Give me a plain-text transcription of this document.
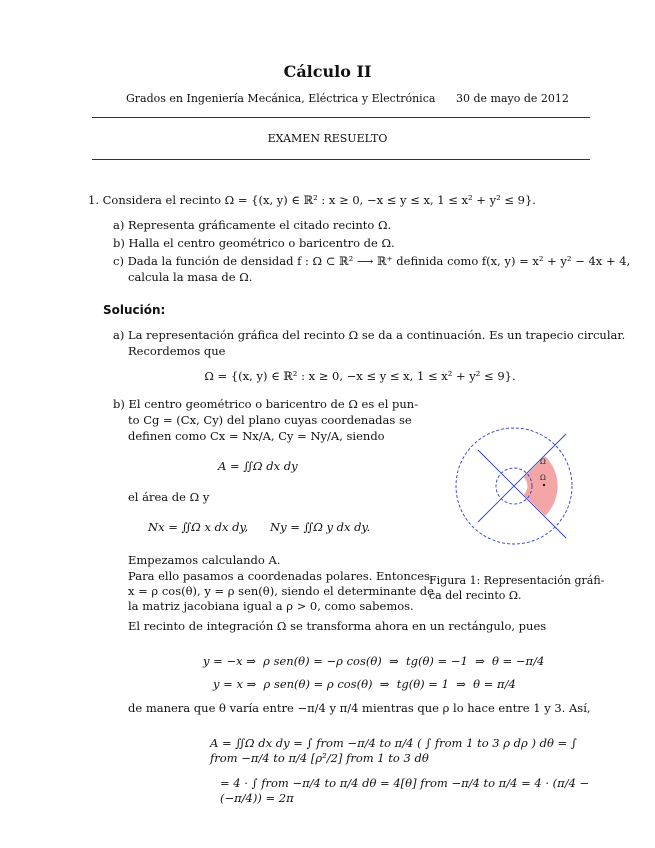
Cálculo II
Grados en Ingeniería Mecánica, Eléctrica y Electrónica 30 de mayo de 2012
EXAMEN RESUELTO
1. Considera el recinto Ω = {(x, y) ∈ ℝ² : x ≥ 0, −x ≤ y ≤ x, 1 ≤ x² + y² ≤ 9}.
a) Representa gráficamente el citado recinto Ω.
b) Halla el centro geométrico o baricentro de Ω.
c) Dada la función de densidad f : Ω ⊂ ℝ² ⟶ ℝ⁺ definida como f(x, y) = x² + y² − 4x + 4,
calcula la masa de Ω.
Solución:
a) La representación gráfica del recinto Ω se da a continuación. Es un trapecio circular.
Recordemos que
Ω = {(x, y) ∈ ℝ² : x ≥ 0, −x ≤ y ≤ x, 1 ≤ x² + y² ≤ 9}.
b) El centro geométrico o baricentro de Ω es el pun-
to Cg = (Cx, Cy) del plano cuyas coordenadas se
definen como Cx = Nx/A, Cy = Ny/A, siendo
A = ∬Ω dx dy
el área de Ω y
Nx = ∬Ω x dx dy,      Ny = ∬Ω y dx dy.
Empezamos calculando A.
Para ello pasamos a coordenadas polares. Entonces,
x = ρ cos(θ), y = ρ sen(θ), siendo el determinante de
la matriz jacobiana igual a ρ > 0, como sabemos.
Ω
Ω
Figura 1: Representación gráfi-
ca del recinto Ω.
El recinto de integración Ω se transforma ahora en un rectángulo, pues
y = −x ⇒  ρ sen(θ) = −ρ cos(θ)  ⇒  tg(θ) = −1  ⇒  θ = −π/4
y = x ⇒  ρ sen(θ) = ρ cos(θ)  ⇒  tg(θ) = 1  ⇒  θ = π/4
de manera que θ varía entre −π/4 y π/4 mientras que ρ lo hace entre 1 y 3. Así,
A = ∬Ω dx dy = ∫ from −π/4 to π/4 ( ∫ from 1 to 3 ρ dρ ) dθ = ∫ from −π/4 to π/4 [ρ²/2] from 1 to 3 dθ
= 4 · ∫ from −π/4 to π/4 dθ = 4[θ] from −π/4 to π/4 = 4 · (π/4 − (−π/4)) = 2π
